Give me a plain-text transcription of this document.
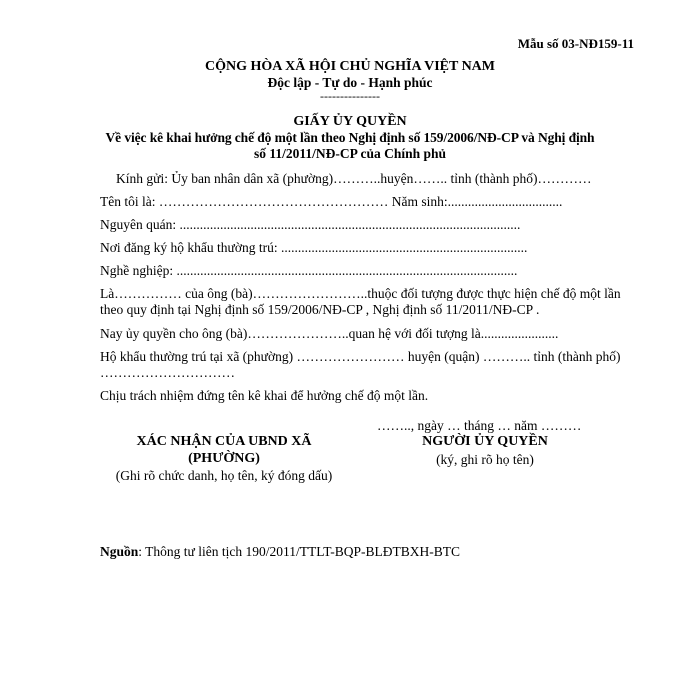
Mẫu số 03-NĐ159-11
CỘNG HÒA XÃ HỘI CHỦ NGHĨA VIỆT NAM
Độc lập - Tự do - Hạnh phúc
---------------
GIẤY ỦY QUYỀN
Về việc kê khai hưởng chế độ một lần theo Nghị định số 159/2006/NĐ-CP và Nghị định
số 11/2011/NĐ-CP của Chính phủ
Kính gửi: Ủy ban nhân dân xã (phường)………..huyện…….. tỉnh (thành phố)…………
Tên tôi là: …………………………………………… Năm sinh:..................................
Nguyên quán: .....................................................................................................
Nơi đăng ký hộ khẩu thường trú: .........................................................................
Nghề nghiệp: .....................................................................................................
Là…………… của ông (bà)……………………..thuộc đối tượng được thực hiện chế độ một lần theo quy định tại Nghị định số 159/2006/NĐ-CP , Nghị định số 11/2011/NĐ-CP .
Nay ủy quyền cho ông (bà)…………………..quan hệ với đối tượng là.......................
Hộ khẩu thường trú tại xã (phường) …………………… huyện (quận) ……….. tỉnh (thành phố) …………………………
Chịu trách nhiệm đứng tên kê khai để hưởng chế độ một lần.
…….., ngày … tháng … năm ………
XÁC NHẬN CỦA UBND XÃ
(PHƯỜNG)
(Ghi rõ chức danh, họ tên, ký đóng dấu)
NGƯỜI ỦY QUYỀN
(ký, ghi rõ họ tên)
Nguồn: Thông tư liên tịch 190/2011/TTLT-BQP-BLĐTBXH-BTC
